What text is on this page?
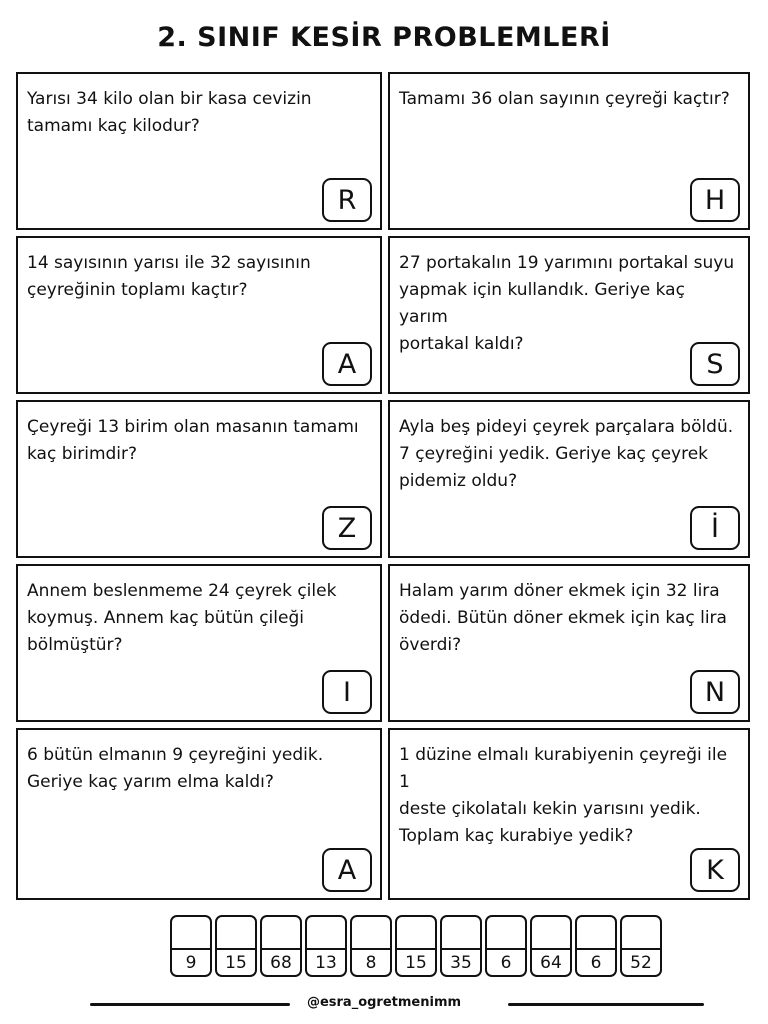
2. SINIF KESİR PROBLEMLERİ
Yarısı 34 kilo olan bir kasa cevizin
tamamı kaç kilodur?
R
Tamamı 36 olan sayının çeyreği kaçtır?
H
14 sayısının yarısı ile 32 sayısının
çeyreğinin toplamı kaçtır?
A
27 portakalın 19 yarımını portakal suyu
yapmak için kullandık. Geriye kaç yarım
portakal kaldı?
S
Çeyreği 13 birim olan masanın tamamı
kaç birimdir?
Z
Ayla beş pideyi çeyrek parçalara böldü.
7 çeyreğini yedik. Geriye kaç çeyrek
pidemiz oldu?
İ
Annem beslenmeme 24 çeyrek çilek
koymuş. Annem kaç bütün çileği
bölmüştür?
I
Halam yarım döner ekmek için 32 lira
ödedi. Bütün döner ekmek için kaç lira
överdi?
N
6 bütün elmanın 9 çeyreğini yedik.
Geriye kaç yarım elma kaldı?
A
1 düzine elmalı kurabiyenin çeyreği ile 1
deste çikolatalı kekin yarısını yedik.
Toplam kaç kurabiye yedik?
K
9	15	68	13	8	15	35	6	64	6	52
@esra_ogretmenimm
